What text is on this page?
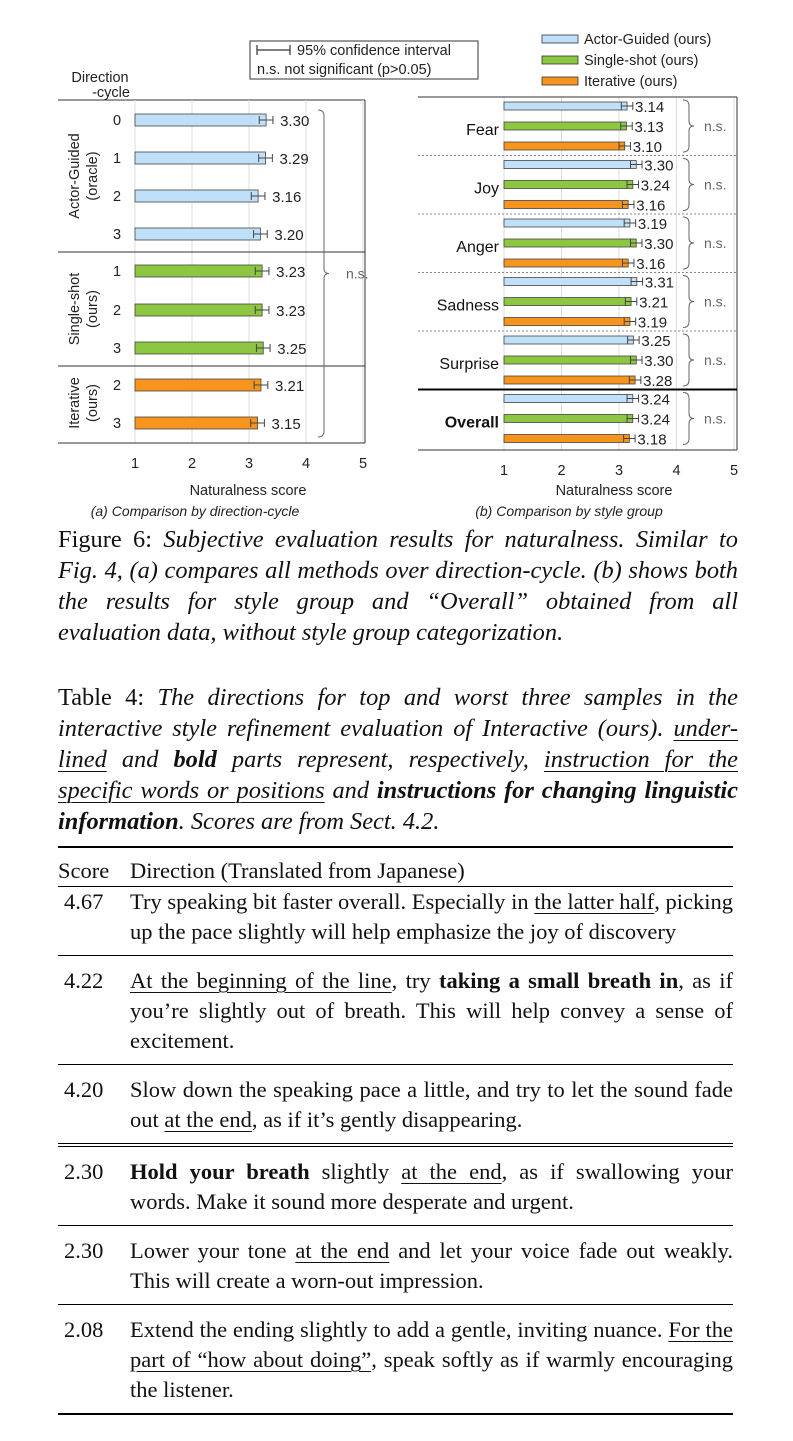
95% confidence interval
n.s. not significant (p>0.05)
Direction
-cycle
1	2	3	4	5
0	3.30
1	3.29
2	3.16
3	3.20
1	3.23
2	3.23
3	3.25
2	3.21
3	3.15
n.s.
Actor-Guided (oracle)
Single-shot (ours)
Iterative (ours)
Naturalness score
(a) Comparison by direction-cycle
Actor-Guided (ours)
Single-shot (ours)
Iterative (ours)
1	2	3	4	5
Fear
3.14
3.13
3.10
n.s.
Joy
3.30
3.24
3.16
n.s.
Anger
3.19
3.30
3.16
n.s.
Sadness
3.31
3.21
3.19
n.s.
Surprise
3.25
3.30
3.28
n.s.
Overall
3.24
3.24
3.18
n.s.
Naturalness score
(b) Comparison by style group
Figure 6: Subjective evaluation results for naturalness. Similar to Fig. 4, (a) compares all methods over direction-cycle. (b) shows both the results for style group and “Overall” obtained from all evaluation data, without style group categorization.
Table 4: The directions for top and worst three samples in the interactive style refinement evaluation of Interactive (ours). under-lined and bold parts represent, respectively, instruction for the specific words or positions and instructions for changing linguistic information. Scores are from Sect. 4.2.
Score	Direction (Translated from Japanese)
4.67	Try speaking bit faster overall. Especially in the latter half, picking up the pace slightly will help emphasize the joy of discovery
4.22	At the beginning of the line, try taking a small breath in, as if you’re slightly out of breath. This will help convey a sense of excitement.
4.20	Slow down the speaking pace a little, and try to let the sound fade out at the end, as if it’s gently disappearing.
2.30	Hold your breath slightly at the end, as if swallowing your words. Make it sound more desperate and urgent.
2.30	Lower your tone at the end and let your voice fade out weakly. This will create a worn-out impression.
2.08	Extend the ending slightly to add a gentle, inviting nuance. For the part of “how about doing”, speak softly as if warmly encouraging the listener.
